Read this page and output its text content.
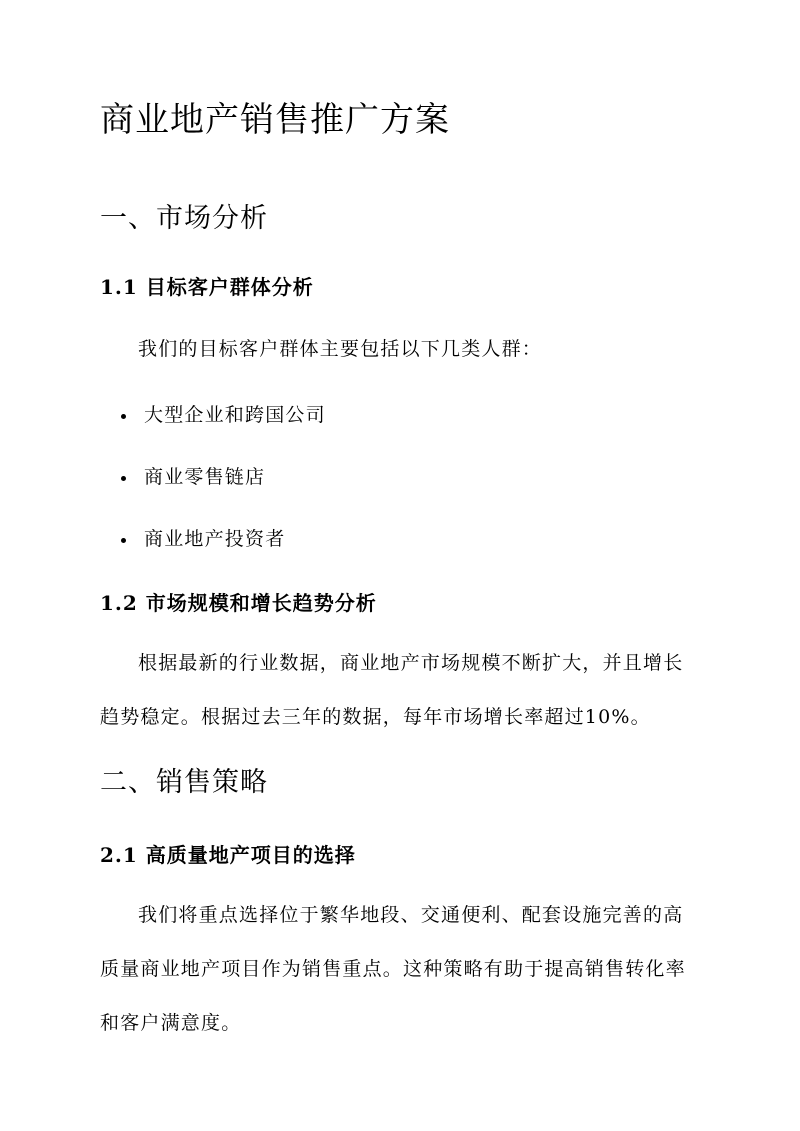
商业地产销售推广方案
一、市场分析
1.1 目标客户群体分析
我们的目标客户群体主要包括以下几类人群：
大型企业和跨国公司
商业零售链店
商业地产投资者
1.2 市场规模和增长趋势分析
根据最新的行业数据，商业地产市场规模不断扩大，并且增长趋势稳定。根据过去三年的数据，每年市场增长率超过10%。
二、销售策略
2.1 高质量地产项目的选择
我们将重点选择位于繁华地段、交通便利、配套设施完善的高质量商业地产项目作为销售重点。这种策略有助于提高销售转化率和客户满意度。
